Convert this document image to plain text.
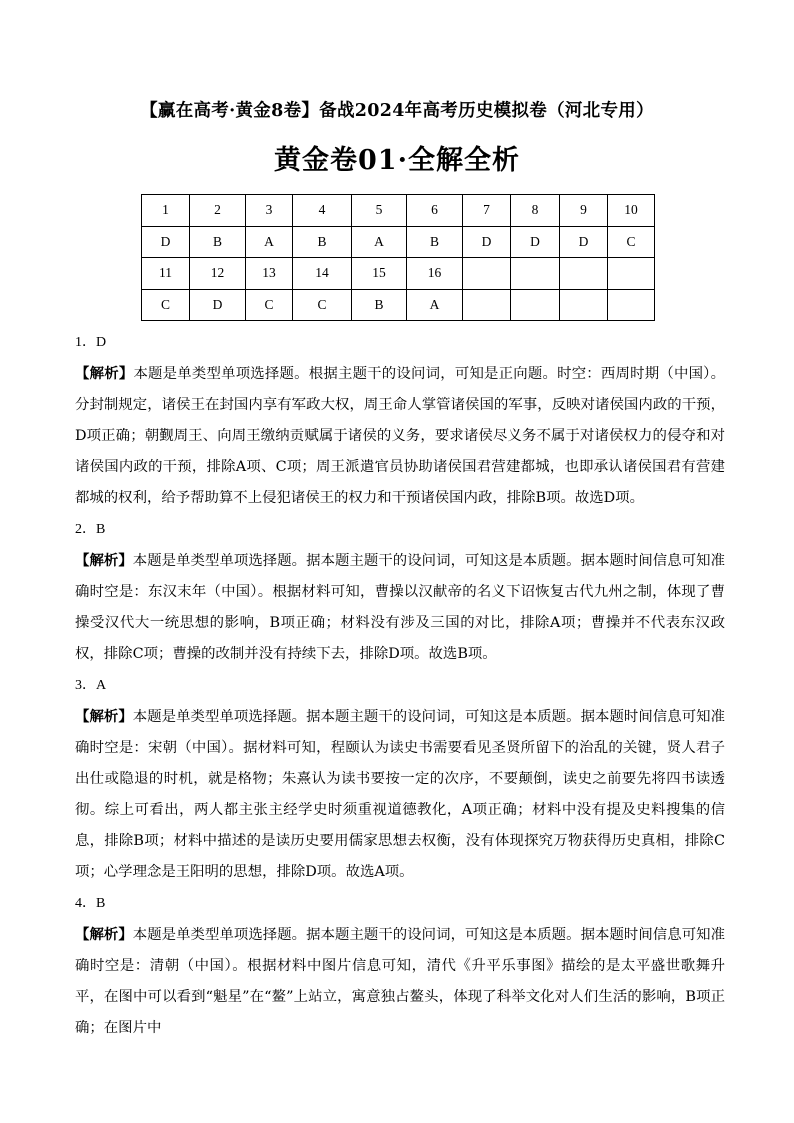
【赢在高考·黄金8卷】备战2024年高考历史模拟卷（河北专用）
黄金卷01·全解全析
1	2	3	4	5	6	7	8	9	10
D	B	A	B	A	B	D	D	D	C
11	12	13	14	15	16				
C	D	C	C	B	A				

1．D

【解析】本题是单类型单项选择题。根据主题干的设问词，可知是正向题。时空：西周时期（中国）。分封制规定，诸侯王在封国内享有军政大权，周王命人掌管诸侯国的军事，反映对诸侯国内政的干预，D项正确；朝觐周王、向周王缴纳贡赋属于诸侯的义务，要求诸侯尽义务不属于对诸侯权力的侵夺和对诸侯国内政的干预，排除A项、C项；周王派遣官员协助诸侯国君营建都城，也即承认诸侯国君有营建都城的权利，给予帮助算不上侵犯诸侯王的权力和干预诸侯国内政，排除B项。故选D项。

2．B

【解析】本题是单类型单项选择题。据本题主题干的设问词，可知这是本质题。据本题时间信息可知准确时空是：东汉末年（中国）。根据材料可知，曹操以汉献帝的名义下诏恢复古代九州之制，体现了曹操受汉代大一统思想的影响，B项正确；材料没有涉及三国的对比，排除A项；曹操并不代表东汉政权，排除C项；曹操的改制并没有持续下去，排除D项。故选B项。

3．A

【解析】本题是单类型单项选择题。据本题主题干的设问词，可知这是本质题。据本题时间信息可知准确时空是：宋朝（中国）。据材料可知，程颐认为读史书需要看见圣贤所留下的治乱的关键，贤人君子出仕或隐退的时机，就是格物；朱熹认为读书要按一定的次序，不要颠倒，读史之前要先将四书读透彻。综上可看出，两人都主张主经学史时须重视道德教化，A项正确；材料中没有提及史料搜集的信息，排除B项；材料中描述的是读历史要用儒家思想去权衡，没有体现探究万物获得历史真相，排除C项；心学理念是王阳明的思想，排除D项。故选A项。

4．B

【解析】本题是单类型单项选择题。据本题主题干的设问词，可知这是本质题。据本题时间信息可知准确时空是：清朝（中国）。根据材料中图片信息可知，清代《升平乐事图》描绘的是太平盛世歌舞升平，在图中可以看到“魁星”在“鳌”上站立，寓意独占鳌头，体现了科举文化对人们生活的影响，B项正确；在图片中
